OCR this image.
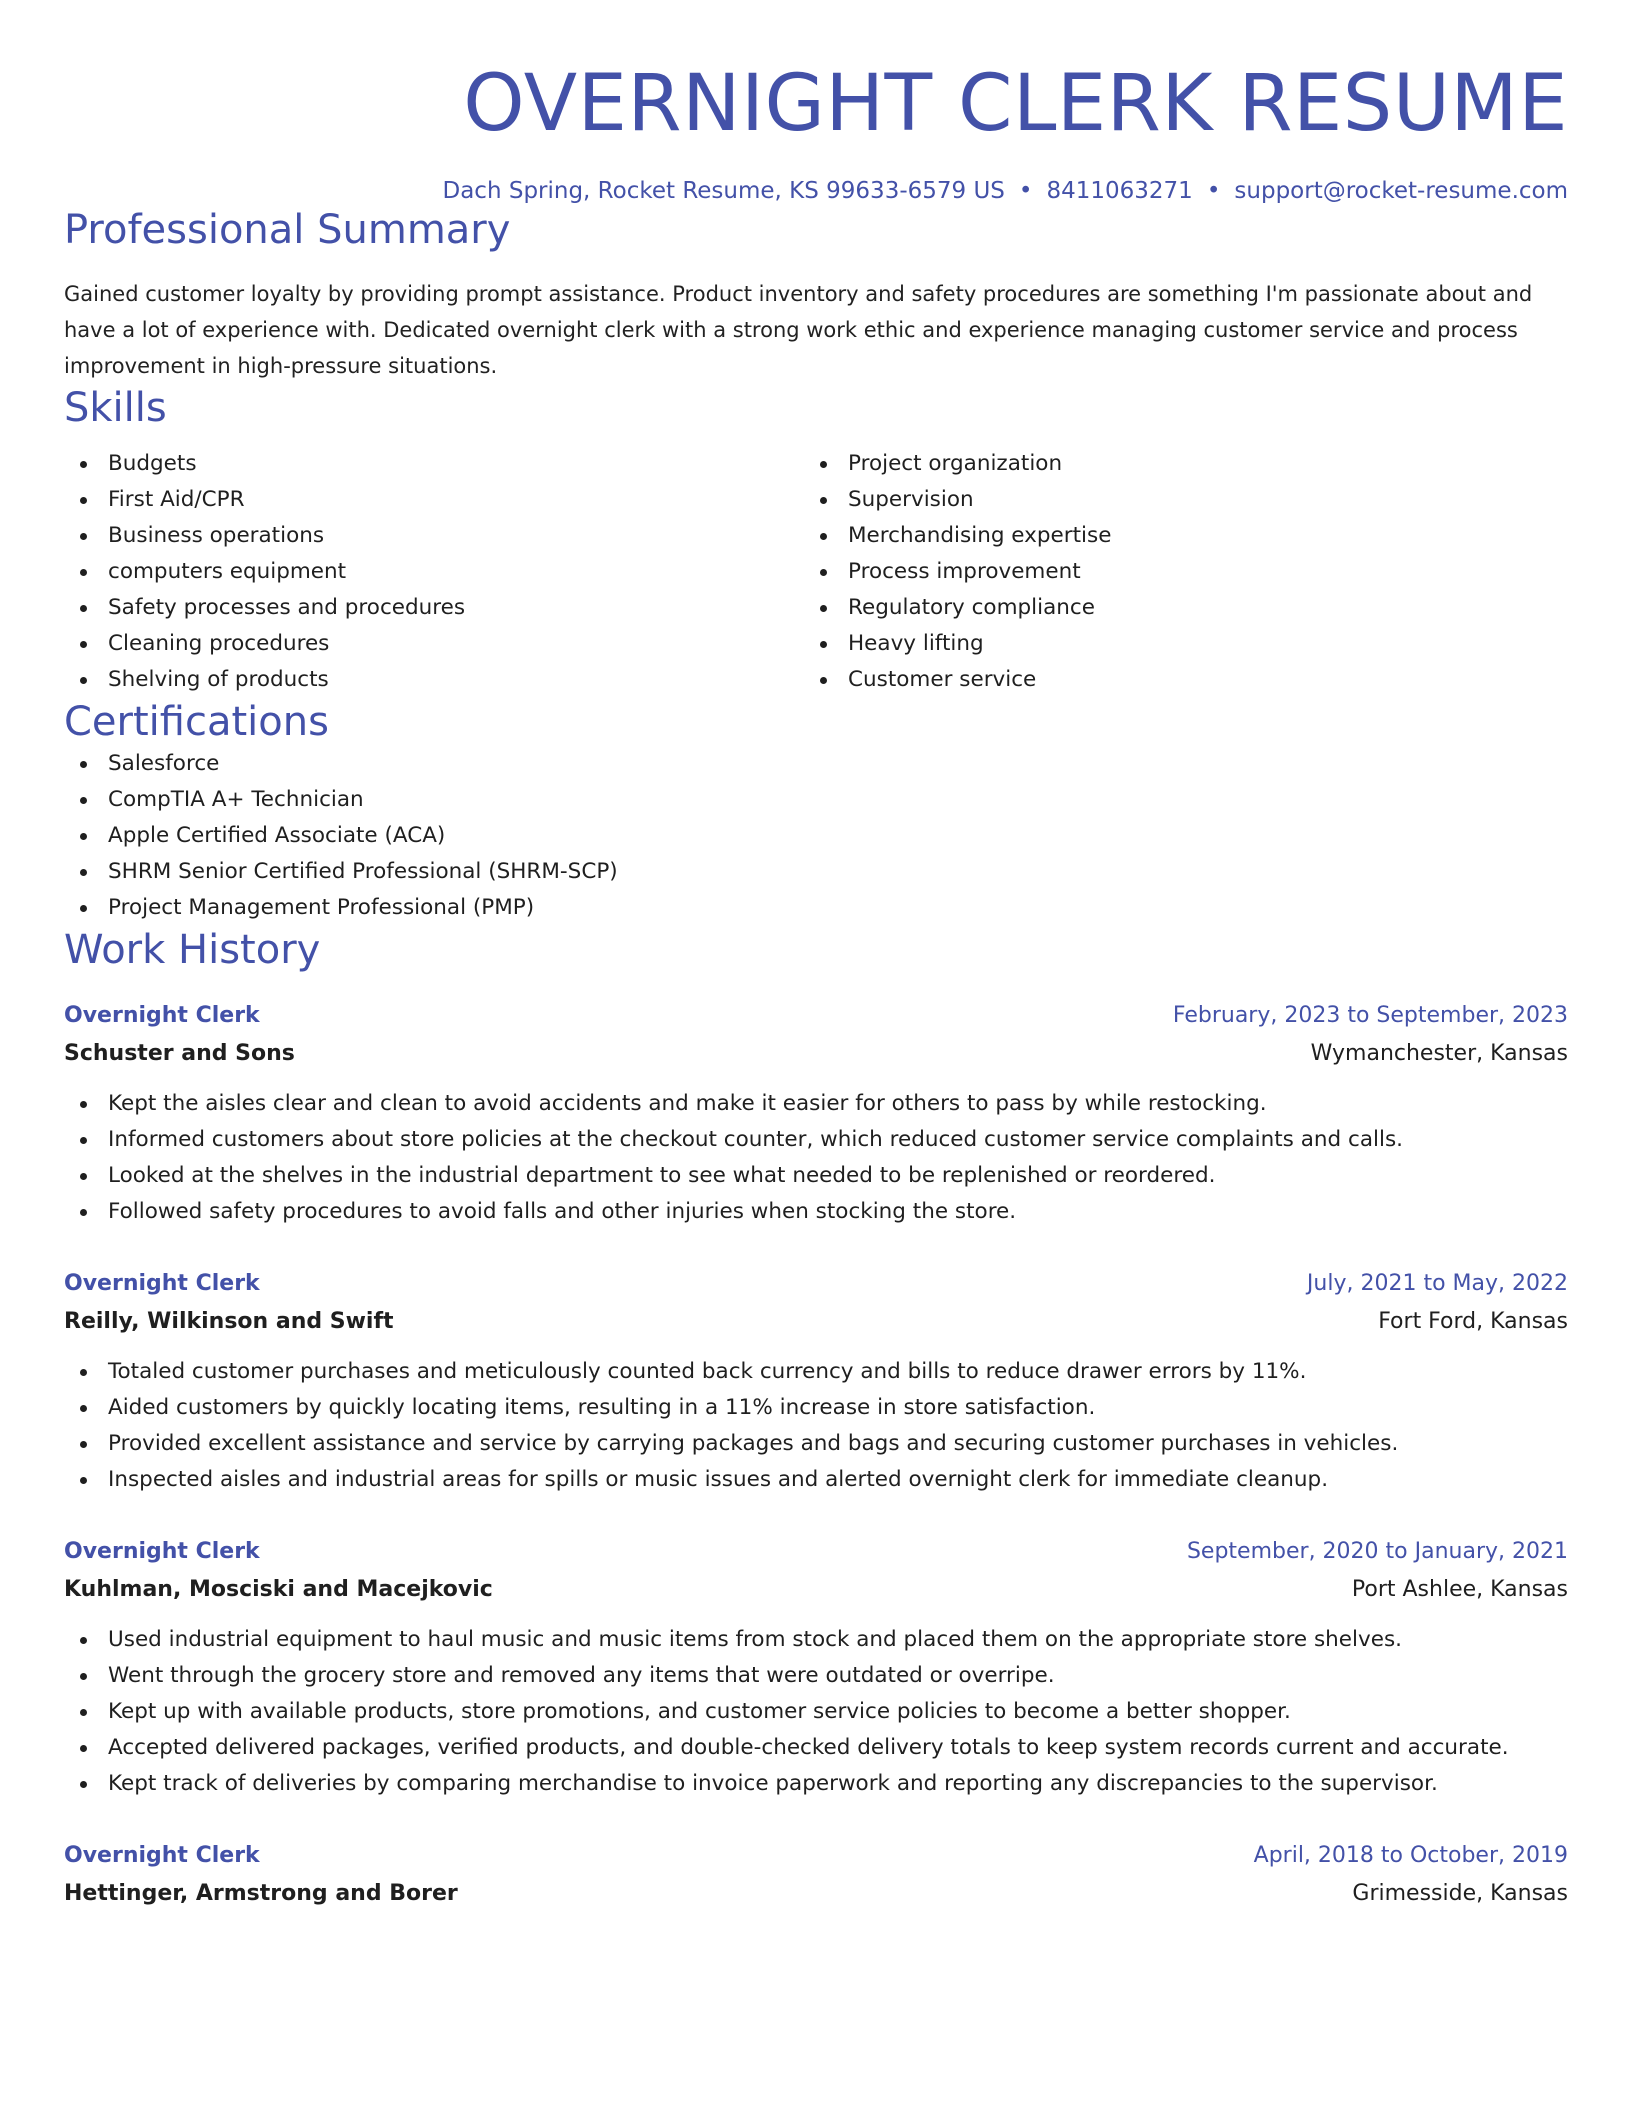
OVERNIGHT CLERK RESUME
Dach Spring, Rocket Resume, KS 99633-6579 US • 8411063271 • support@rocket-resume.com
Professional Summary

Gained customer loyalty by providing prompt assistance. Product inventory and safety procedures are something I'm passionate about and have a lot of experience with. Dedicated overnight clerk with a strong work ethic and experience managing customer service and process improvement in high-pressure situations.

Skills
Budgets
First Aid/CPR
Business operations
computers equipment
Safety processes and procedures
Cleaning procedures
Shelving of products
Project organization
Supervision
Merchandising expertise
Process improvement
Regulatory compliance
Heavy lifting
Customer service
Certifications
Salesforce
CompTIA A+ Technician
Apple Certified Associate (ACA)
SHRM Senior Certified Professional (SHRM-SCP)
Project Management Professional (PMP)
Work History
Overnight Clerk	February, 2023 to September, 2023
Schuster and Sons	Wymanchester, Kansas
Kept the aisles clear and clean to avoid accidents and make it easier for others to pass by while restocking.
Informed customers about store policies at the checkout counter, which reduced customer service complaints and calls.
Looked at the shelves in the industrial department to see what needed to be replenished or reordered.
Followed safety procedures to avoid falls and other injuries when stocking the store.
Overnight Clerk	July, 2021 to May, 2022
Reilly, Wilkinson and Swift	Fort Ford, Kansas
Totaled customer purchases and meticulously counted back currency and bills to reduce drawer errors by 11%.
Aided customers by quickly locating items, resulting in a 11% increase in store satisfaction.
Provided excellent assistance and service by carrying packages and bags and securing customer purchases in vehicles.
Inspected aisles and industrial areas for spills or music issues and alerted overnight clerk for immediate cleanup.
Overnight Clerk	September, 2020 to January, 2021
Kuhlman, Mosciski and Macejkovic	Port Ashlee, Kansas
Used industrial equipment to haul music and music items from stock and placed them on the appropriate store shelves.
Went through the grocery store and removed any items that were outdated or overripe.
Kept up with available products, store promotions, and customer service policies to become a better shopper.
Accepted delivered packages, verified products, and double-checked delivery totals to keep system records current and accurate.
Kept track of deliveries by comparing merchandise to invoice paperwork and reporting any discrepancies to the supervisor.
Overnight Clerk	April, 2018 to October, 2019
Hettinger, Armstrong and Borer	Grimesside, Kansas
